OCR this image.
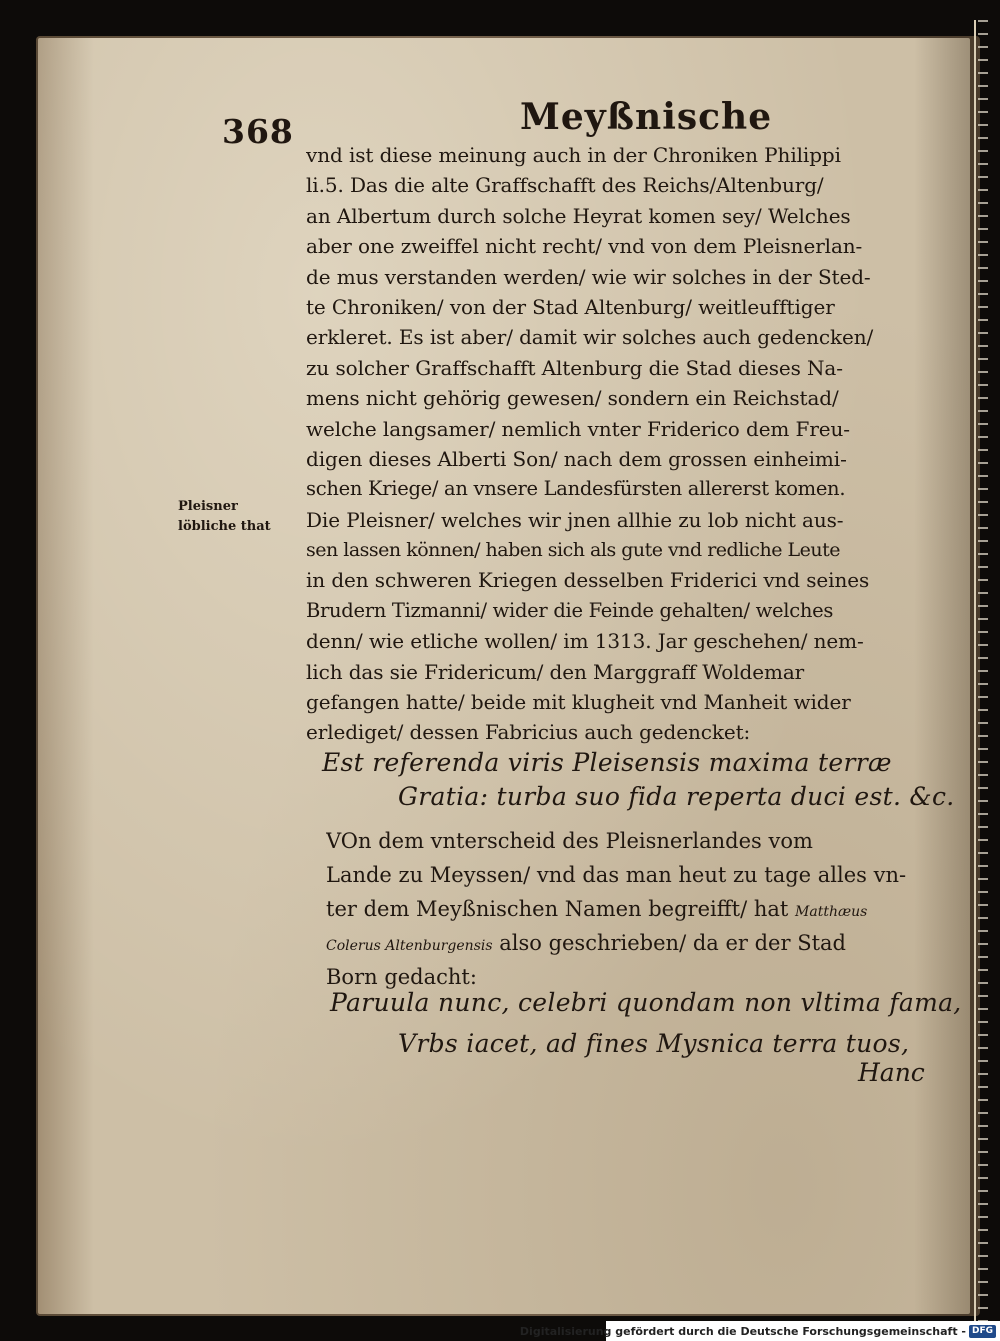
368	Meyßnische
Pleisner
löbliche that
vnd ist diese meinung auch in der Chroniken Philippi
li.5. Das die alte Graffschafft des Reichs/Altenburg/
an Albertum durch solche Heyrat komen sey/ Welches
aber one zweiffel nicht recht/ vnd von dem Pleisnerlan-
de mus verstanden werden/ wie wir solches in der Sted-
te Chroniken/ von der Stad Altenburg/ weitleufftiger
erkleret. Es ist aber/ damit wir solches auch gedencken/
zu solcher Graffschafft Altenburg die Stad dieses Na-
mens nicht gehörig gewesen/ sondern ein Reichstad/
welche langsamer/ nemlich vnter Friderico dem Freu-
digen dieses Alberti Son/ nach dem grossen einheimi-
schen Kriege/ an vnsere Landesfürsten allererst komen.
Die Pleisner/ welches wir jnen allhie zu lob nicht aus-
sen lassen können/ haben sich als gute vnd redliche Leute
in den schweren Kriegen desselben Friderici vnd seines
Brudern Tizmanni/ wider die Feinde gehalten/ welches
denn/ wie etliche wollen/ im 1313. Jar geschehen/ nem-
lich das sie Fridericum/ den Marggraff Woldemar
gefangen hatte/ beide mit klugheit vnd Manheit wider
erlediget/ dessen Fabricius auch gedencket:
Est referenda viris Pleisensis maxima terræ
Gratia: turba suo fida reperta duci est. &c.
VOn dem vnterscheid des Pleisnerlandes vom
Lande zu Meyssen/ vnd das man heut zu tage alles vn-
ter dem Meyßnischen Namen begreifft/ hat Matthæus
Colerus Altenburgensis also geschrieben/ da er der Stad
Born gedacht:
Paruula nunc, celebri quondam non vltima fama,
Vrbs iacet, ad fines Mysnica terra tuos,
Hanc
Digitalisierung gefördert durch die Deutsche Forschungsgemeinschaft - DFG
